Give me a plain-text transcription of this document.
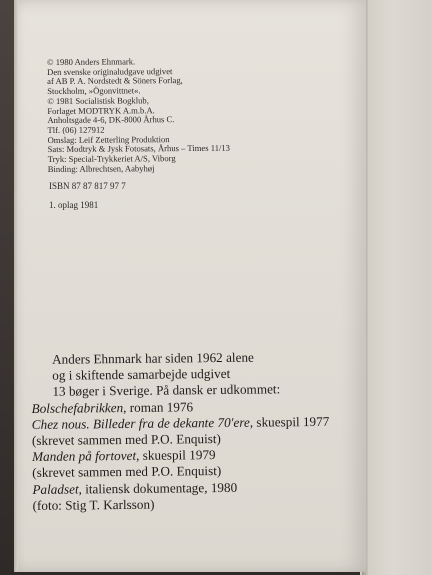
© 1980 Anders Ehnmark.
Den svenske originaludgave udgivet
af AB P. A. Nordstedt & Söners Forlag,
Stockholm, »Ögonvittnet«.
© 1981 Socialistisk Bogklub,
Forlaget MODTRYK A.m.b.A.
Anholtsgade 4-6, DK-8000 Århus C.
Tlf. (06) 127912
Omslag: Leif Zetterling Produktion
Sats: Modtryk & Jysk Fotosats, Århus – Times 11/13
Tryk: Special-Trykkeriet A/S, Viborg
Binding: Albrechtsen, Aabyhøj
ISBN 87 87 817 97 7
1. oplag 1981
Anders Ehnmark har siden 1962 alene
og i skiftende samarbejde udgivet
13 bøger i Sverige. På dansk er udkommet:
Bolschefabrikken, roman 1976
Chez nous. Billeder fra de dekante 70'ere, skuespil 1977
(skrevet sammen med P.O. Enquist)
Manden på fortovet, skuespil 1979
(skrevet sammen med P.O. Enquist)
Paladset, italiensk dokumentage, 1980
(foto: Stig T. Karlsson)
